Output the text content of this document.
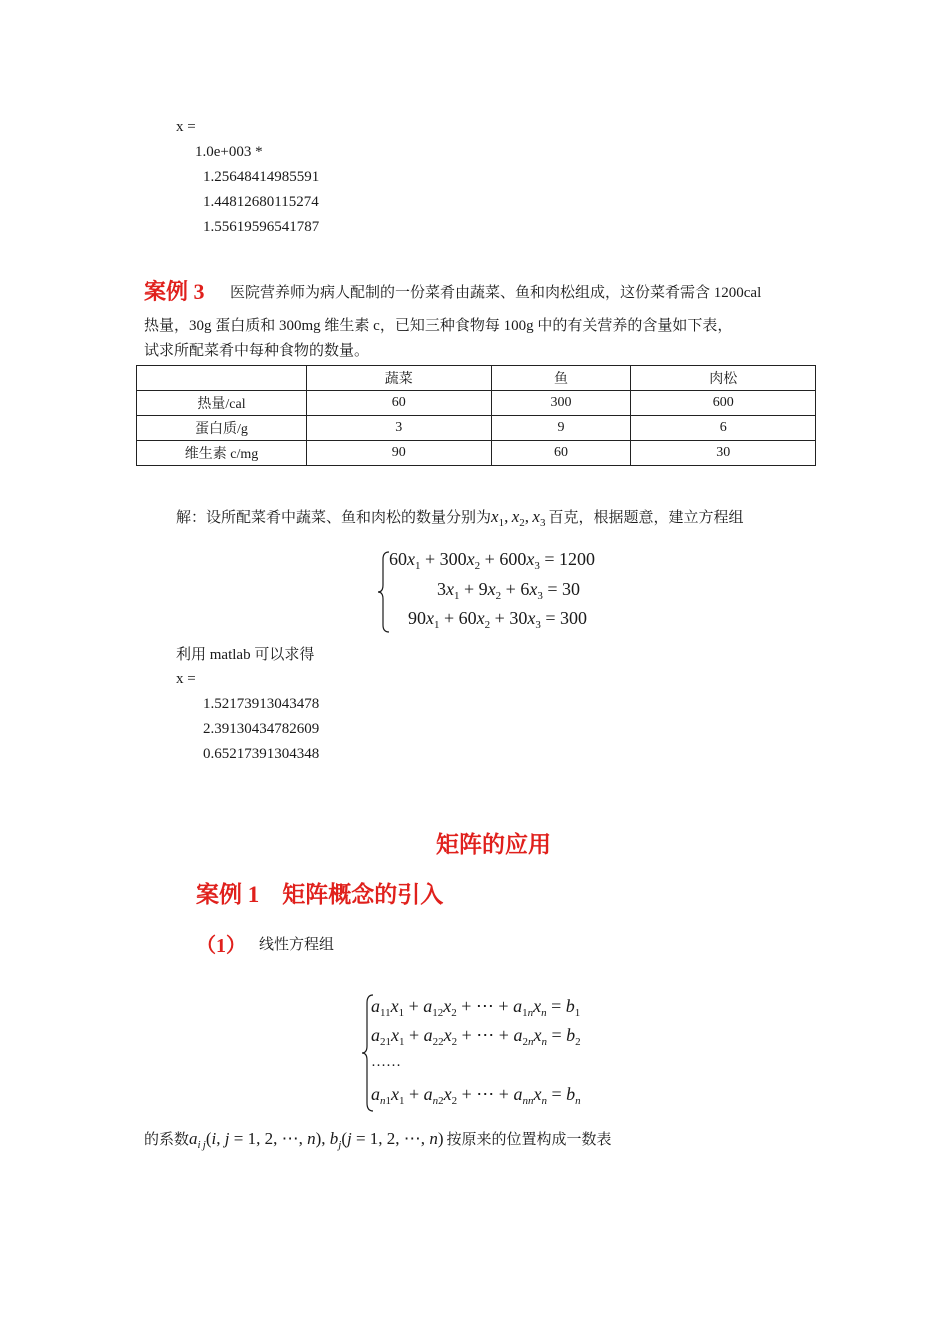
x =
1.0e+003 *
1.25648414985591
1.44812680115274
1.55619596541787
案例 3 医院营养师为病人配制的一份菜肴由蔬菜、鱼和肉松组成，这份菜肴需含 1200cal
热量，30g 蛋白质和 300mg 维生素 c，已知三种食物每 100g 中的有关营养的含量如下表，
试求所配菜肴中每种食物的数量。
	蔬菜	鱼	肉松
热量/cal	60	300	600
蛋白质/g	3	9	6
维生素 c/mg	90	60	30
解：设所配菜肴中蔬菜、鱼和肉松的数量分别为$x_1$, $x_2$, $x_3$  百克，根据题意，建立方程组
$60x_1 + 300x_2 + 600x_3 = 1200$
$3x_1 + 9x_2 + 6x_3 = 30$
$90x_1 + 60x_2 + 30x_3 = 300$
利用 matlab 可以求得
x =
1.52173913043478
2.39130434782609
0.65217391304348
矩阵的应用
案例 1　矩阵概念的引入
（1） 线性方程组
$a_{11}x_1 + a_{12}x_2$ + ⋯ + $a_{1n}x_n = b_1$
$a_{21}x_1 + a_{22}x_2$ + ⋯ + $a_{2n}x_n = b_2$
……
$a_{n1}x_1 + a_{n2}x_2$ + ⋯ + $a_{nn}x_n = b_n$
的系数$a_{i j}(i$, j = 1, 2, ⋯, n), $b_j(j = 1$, 2, ⋯, n)  按原来的位置构成一数表
